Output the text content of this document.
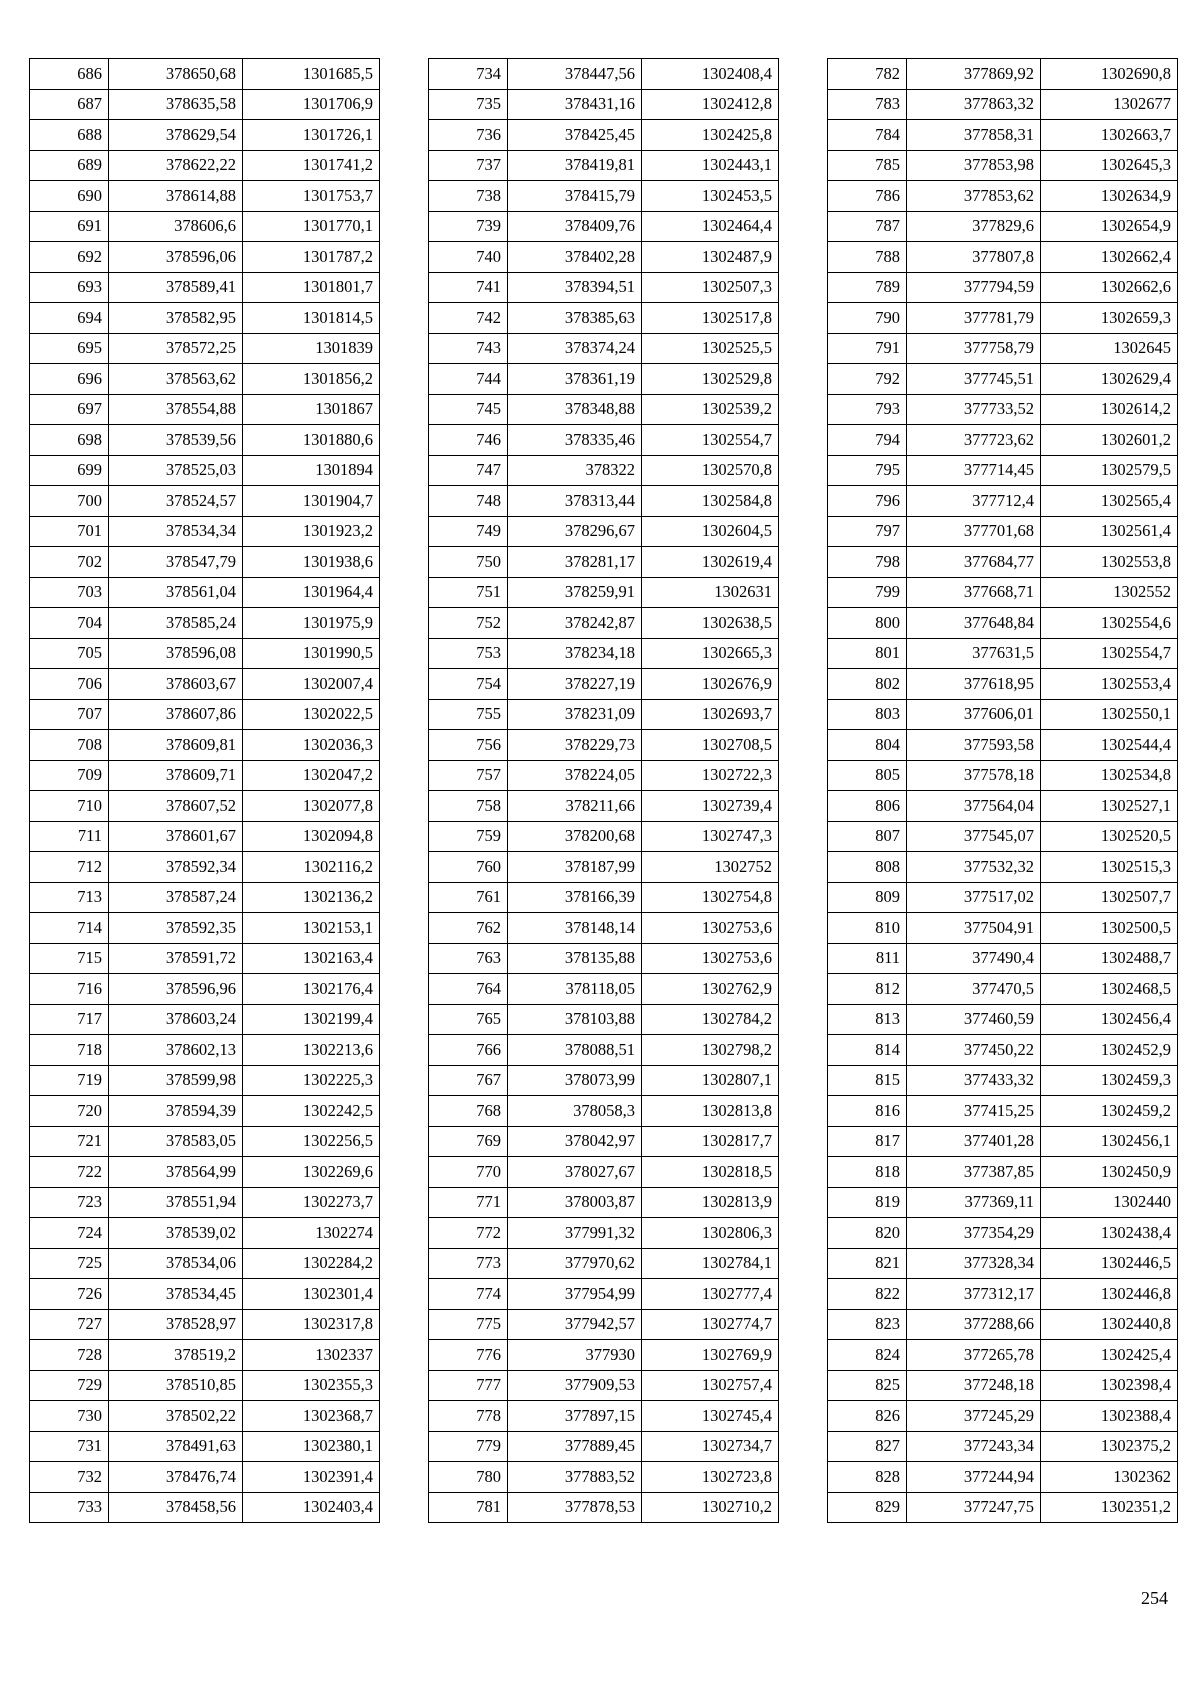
686	378650,68	1301685,5
687	378635,58	1301706,9
688	378629,54	1301726,1
689	378622,22	1301741,2
690	378614,88	1301753,7
691	378606,6	1301770,1
692	378596,06	1301787,2
693	378589,41	1301801,7
694	378582,95	1301814,5
695	378572,25	1301839
696	378563,62	1301856,2
697	378554,88	1301867
698	378539,56	1301880,6
699	378525,03	1301894
700	378524,57	1301904,7
701	378534,34	1301923,2
702	378547,79	1301938,6
703	378561,04	1301964,4
704	378585,24	1301975,9
705	378596,08	1301990,5
706	378603,67	1302007,4
707	378607,86	1302022,5
708	378609,81	1302036,3
709	378609,71	1302047,2
710	378607,52	1302077,8
711	378601,67	1302094,8
712	378592,34	1302116,2
713	378587,24	1302136,2
714	378592,35	1302153,1
715	378591,72	1302163,4
716	378596,96	1302176,4
717	378603,24	1302199,4
718	378602,13	1302213,6
719	378599,98	1302225,3
720	378594,39	1302242,5
721	378583,05	1302256,5
722	378564,99	1302269,6
723	378551,94	1302273,7
724	378539,02	1302274
725	378534,06	1302284,2
726	378534,45	1302301,4
727	378528,97	1302317,8
728	378519,2	1302337
729	378510,85	1302355,3
730	378502,22	1302368,7
731	378491,63	1302380,1
732	378476,74	1302391,4
733	378458,56	1302403,4
734	378447,56	1302408,4
735	378431,16	1302412,8
736	378425,45	1302425,8
737	378419,81	1302443,1
738	378415,79	1302453,5
739	378409,76	1302464,4
740	378402,28	1302487,9
741	378394,51	1302507,3
742	378385,63	1302517,8
743	378374,24	1302525,5
744	378361,19	1302529,8
745	378348,88	1302539,2
746	378335,46	1302554,7
747	378322	1302570,8
748	378313,44	1302584,8
749	378296,67	1302604,5
750	378281,17	1302619,4
751	378259,91	1302631
752	378242,87	1302638,5
753	378234,18	1302665,3
754	378227,19	1302676,9
755	378231,09	1302693,7
756	378229,73	1302708,5
757	378224,05	1302722,3
758	378211,66	1302739,4
759	378200,68	1302747,3
760	378187,99	1302752
761	378166,39	1302754,8
762	378148,14	1302753,6
763	378135,88	1302753,6
764	378118,05	1302762,9
765	378103,88	1302784,2
766	378088,51	1302798,2
767	378073,99	1302807,1
768	378058,3	1302813,8
769	378042,97	1302817,7
770	378027,67	1302818,5
771	378003,87	1302813,9
772	377991,32	1302806,3
773	377970,62	1302784,1
774	377954,99	1302777,4
775	377942,57	1302774,7
776	377930	1302769,9
777	377909,53	1302757,4
778	377897,15	1302745,4
779	377889,45	1302734,7
780	377883,52	1302723,8
781	377878,53	1302710,2
782	377869,92	1302690,8
783	377863,32	1302677
784	377858,31	1302663,7
785	377853,98	1302645,3
786	377853,62	1302634,9
787	377829,6	1302654,9
788	377807,8	1302662,4
789	377794,59	1302662,6
790	377781,79	1302659,3
791	377758,79	1302645
792	377745,51	1302629,4
793	377733,52	1302614,2
794	377723,62	1302601,2
795	377714,45	1302579,5
796	377712,4	1302565,4
797	377701,68	1302561,4
798	377684,77	1302553,8
799	377668,71	1302552
800	377648,84	1302554,6
801	377631,5	1302554,7
802	377618,95	1302553,4
803	377606,01	1302550,1
804	377593,58	1302544,4
805	377578,18	1302534,8
806	377564,04	1302527,1
807	377545,07	1302520,5
808	377532,32	1302515,3
809	377517,02	1302507,7
810	377504,91	1302500,5
811	377490,4	1302488,7
812	377470,5	1302468,5
813	377460,59	1302456,4
814	377450,22	1302452,9
815	377433,32	1302459,3
816	377415,25	1302459,2
817	377401,28	1302456,1
818	377387,85	1302450,9
819	377369,11	1302440
820	377354,29	1302438,4
821	377328,34	1302446,5
822	377312,17	1302446,8
823	377288,66	1302440,8
824	377265,78	1302425,4
825	377248,18	1302398,4
826	377245,29	1302388,4
827	377243,34	1302375,2
828	377244,94	1302362
829	377247,75	1302351,2
254
